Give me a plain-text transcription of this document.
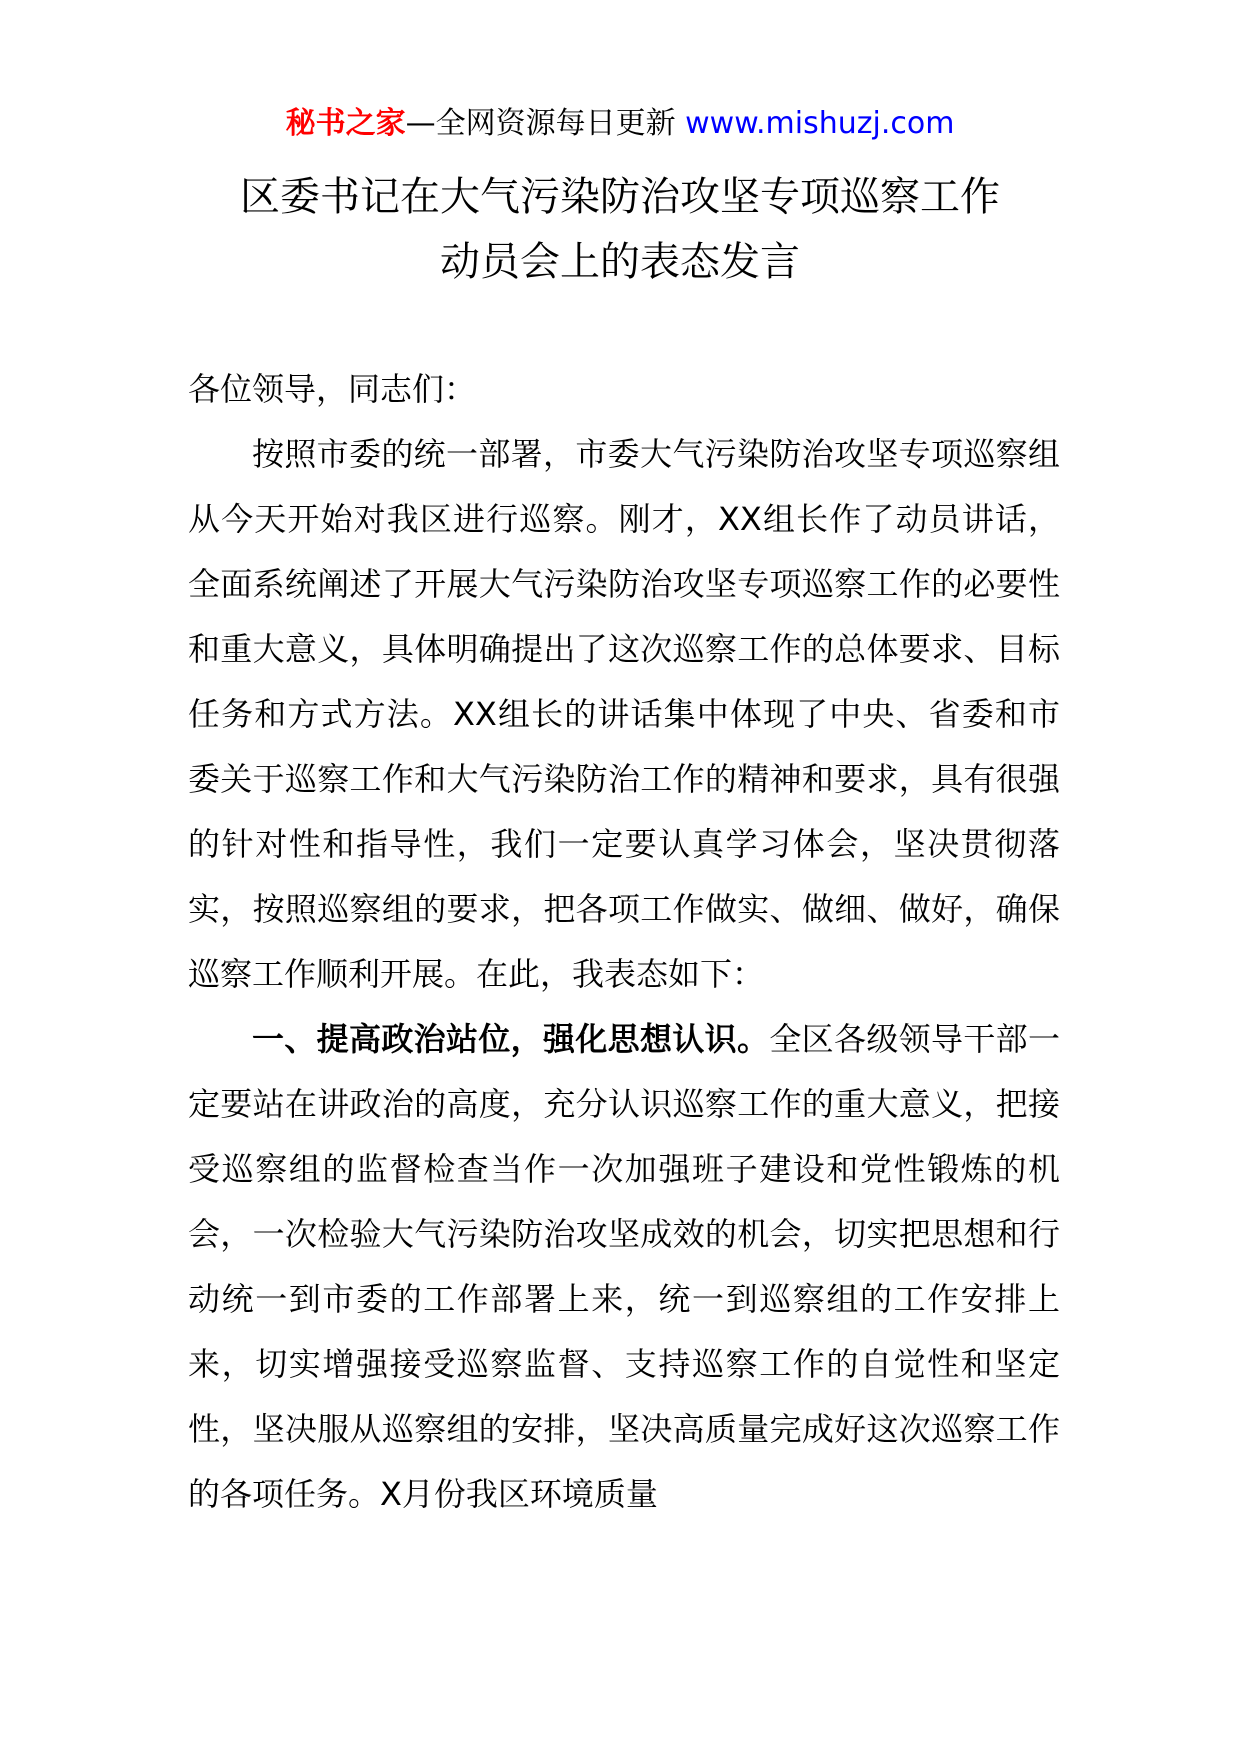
秘书之家—全网资源每日更新 www.mishuzj.com
区委书记在大气污染防治攻坚专项巡察工作
动员会上的表态发言

各位领导，同志们：

按照市委的统一部署，市委大气污染防治攻坚专项巡察组从今天开始对我区进行巡察。刚才，XX组长作了动员讲话，全面系统阐述了开展大气污染防治攻坚专项巡察工作的必要性和重大意义，具体明确提出了这次巡察工作的总体要求、目标任务和方式方法。XX组长的讲话集中体现了中央、省委和市委关于巡察工作和大气污染防治工作的精神和要求，具有很强的针对性和指导性，我们一定要认真学习体会，坚决贯彻落实，按照巡察组的要求，把各项工作做实、做细、做好，确保巡察工作顺利开展。在此，我表态如下：

一、提高政治站位，强化思想认识。全区各级领导干部一定要站在讲政治的高度，充分认识巡察工作的重大意义，把接受巡察组的监督检查当作一次加强班子建设和党性锻炼的机会，一次检验大气污染防治攻坚成效的机会，切实把思想和行动统一到市委的工作部署上来，统一到巡察组的工作安排上来，切实增强接受巡察监督、支持巡察工作的自觉性和坚定性，坚决服从巡察组的安排，坚决高质量完成好这次巡察工作的各项任务。X月份我区环境质量
